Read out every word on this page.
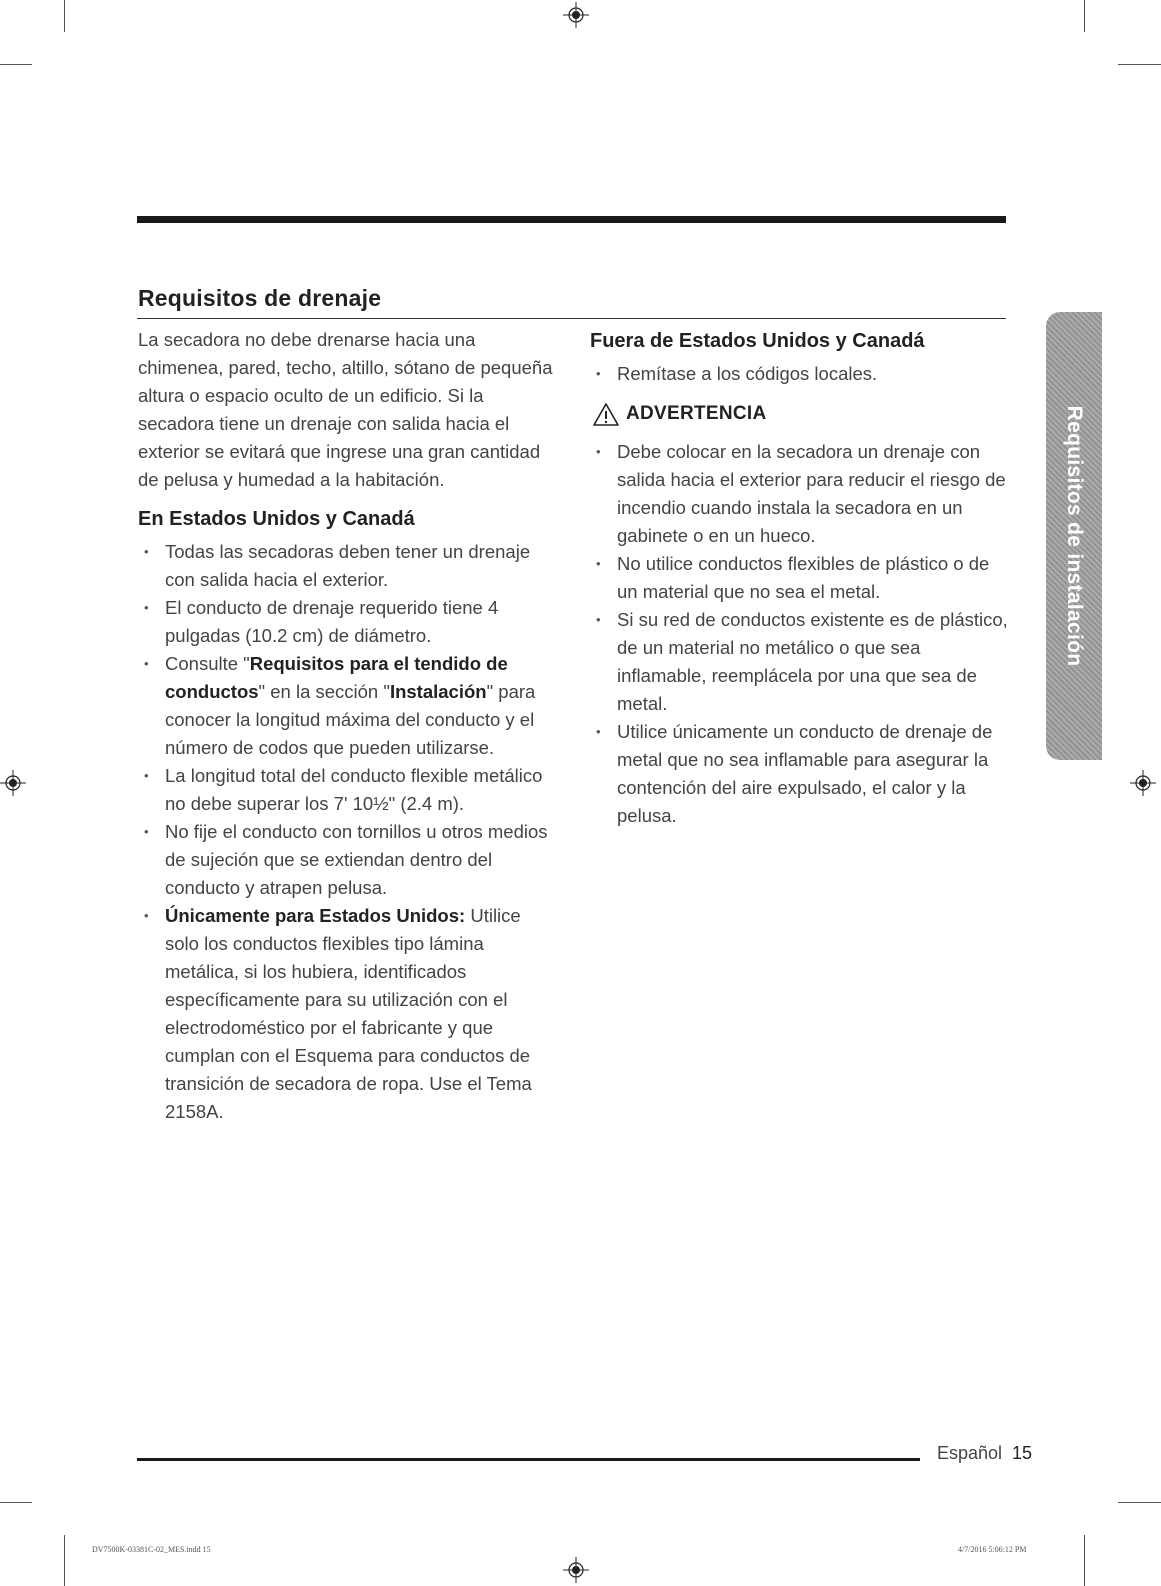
Requisitos de drenaje

La secadora no debe drenarse hacia una chimenea, pared, techo, altillo, sótano de pequeña altura o espacio oculto de un edificio. Si la secadora tiene un drenaje con salida hacia el exterior se evitará que ingrese una gran cantidad de pelusa y humedad a la habitación.

En Estados Unidos y Canadá
• Todas las secadoras deben tener un drenaje con salida hacia el exterior.
• El conducto de drenaje requerido tiene 4 pulgadas (10.2 cm) de diámetro.
• Consulte "Requisitos para el tendido de conductos" en la sección "Instalación" para conocer la longitud máxima del conducto y el número de codos que pueden utilizarse.
• La longitud total del conducto flexible metálico no debe superar los 7' 10½" (2.4 m).
• No fije el conducto con tornillos u otros medios de sujeción que se extiendan dentro del conducto y atrapen pelusa.
• Únicamente para Estados Unidos: Utilice solo los conductos flexibles tipo lámina metálica, si los hubiera, identificados específicamente para su utilización con el electrodoméstico por el fabricante y que cumplan con el Esquema para conductos de transición de secadora de ropa. Use el Tema 2158A.
Fuera de Estados Unidos y Canadá
• Remítase a los códigos locales.
ADVERTENCIA
• Debe colocar en la secadora un drenaje con salida hacia el exterior para reducir el riesgo de incendio cuando instala la secadora en un gabinete o en un hueco.
• No utilice conductos flexibles de plástico o de un material que no sea el metal.
• Si su red de conductos existente es de plástico, de un material no metálico o que sea inflamable, reemplácela por una que sea de metal.
• Utilice únicamente un conducto de drenaje de metal que no sea inflamable para asegurar la contención del aire expulsado, el calor y la pelusa.
Requisitos de instalación
Español 15
DV7500K-03381C-02_MES.indd 15	4/7/2016 5:06:12 PM
